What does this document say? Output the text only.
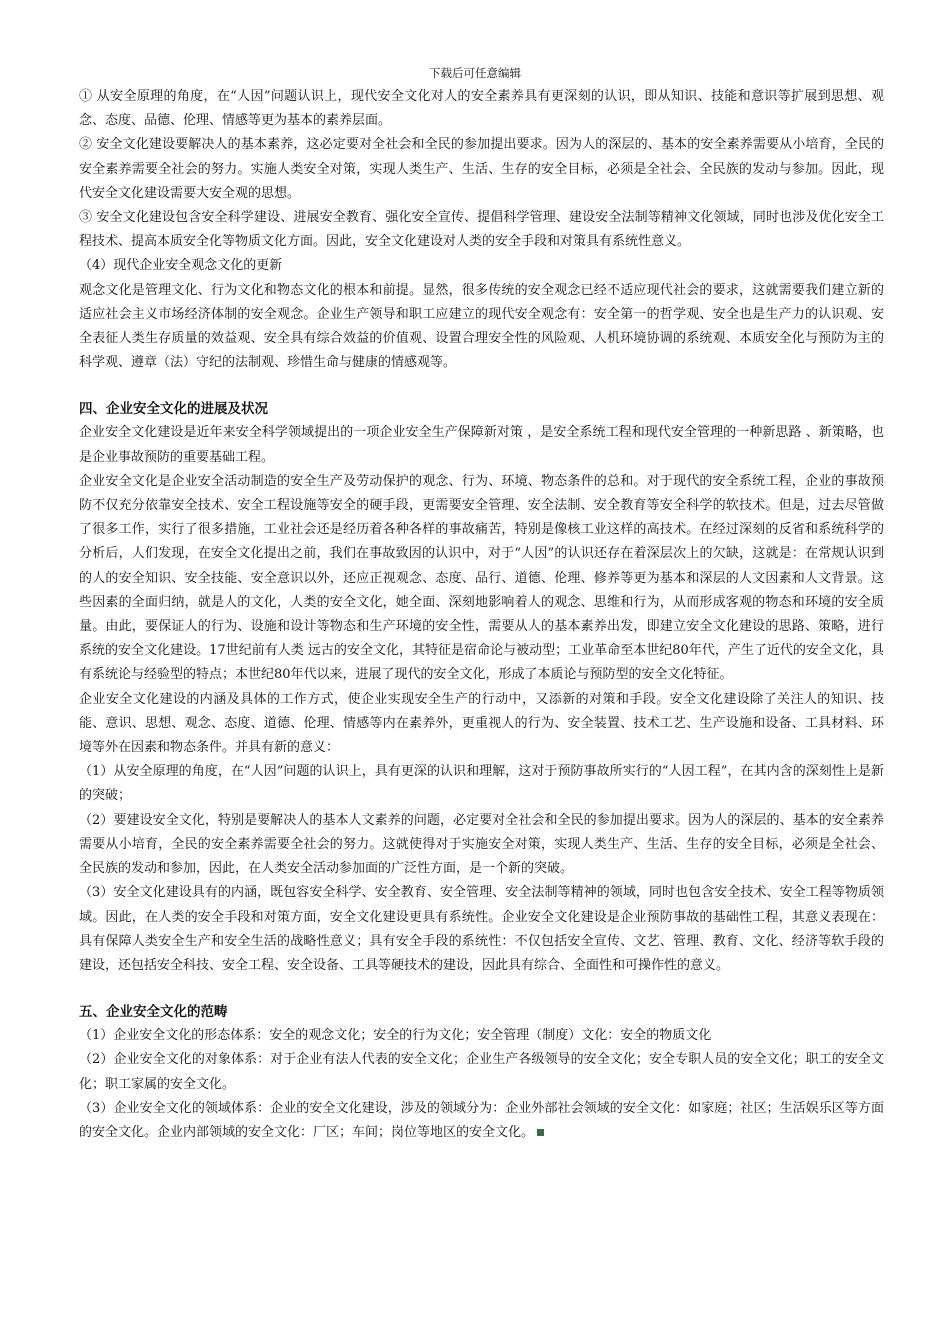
下载后可任意编辑

① 从安全原理的角度，在“人因”问题认识上，现代安全文化对人的安全素养具有更深刻的认识，即从知识、技能和意识等扩展到思想、观念、态度、品德、伦理、情感等更为基本的素养层面。

② 安全文化建设要解决人的基本素养，这必定要对全社会和全民的参加提出要求。因为人的深层的、基本的安全素养需要从小培育，全民的安全素养需要全社会的努力。实施人类安全对策，实现人类生产、生活、生存的安全目标，必须是全社会、全民族的发动与参加。因此，现代安全文化建设需要大安全观的思想。

③ 安全文化建设包含安全科学建设、进展安全教育、强化安全宣传、提倡科学管理、建设安全法制等精神文化领域，同时也涉及优化安全工程技术、提高本质安全化等物质文化方面。因此，安全文化建设对人类的安全手段和对策具有系统性意义。

（4）现代企业安全观念文化的更新

观念文化是管理文化、行为文化和物态文化的根本和前提。显然，很多传统的安全观念已经不适应现代社会的要求，这就需要我们建立新的适应社会主义市场经济体制的安全观念。企业生产领导和职工应建立的现代安全观念有：安全第一的哲学观、安全也是生产力的认识观、安全表征人类生存质量的效益观、安全具有综合效益的价值观、设置合理安全性的风险观、人机环境协调的系统观、本质安全化与预防为主的科学观、遵章（法）守纪的法制观、珍惜生命与健康的情感观等。

四、企业安全文化的进展及状况

企业安全文化建设是近年来安全科学领域提出的一项企业安全生产保障新对策 ，是安全系统工程和现代安全管理的一种新思路 、新策略，也是企业事故预防的重要基础工程。

企业安全文化是企业安全活动制造的安全生产及劳动保护的观念、行为、环境、物态条件的总和。对于现代的安全系统工程，企业的事故预防不仅充分依靠安全技术、安全工程设施等安全的硬手段，更需要安全管理、安全法制、安全教育等安全科学的软技术。但是，过去尽管做了很多工作，实行了很多措施，工业社会还是经历着各种各样的事故痛苦，特别是像核工业这样的高技术。在经过深刻的反省和系统科学的分析后，人们发现，在安全文化提出之前，我们在事故致因的认识中，对于“人因”的认识还存在着深层次上的欠缺，这就是：在常规认识到的人的安全知识、安全技能、安全意识以外，还应正视观念、态度、品行、道德、伦理、修养等更为基本和深层的人文因素和人文背景。这些因素的全面归纳，就是人的文化，人类的安全文化，她全面、深刻地影响着人的观念、思维和行为，从而形成客观的物态和环境的安全质量。由此，要保证人的行为、设施和设计等物态和生产环境的安全性，需要从人的基本素养出发，即建立安全文化建设的思路、策略，进行系统的安全文化建设。17世纪前有人类 远古的安全文化，其特征是宿命论与被动型；工业革命至本世纪80年代，产生了近代的安全文化，具有系统论与经验型的特点；本世纪80年代以来，进展了现代的安全文化，形成了本质论与预防型的安全文化特征。

企业安全文化建设的内涵及具体的工作方式，使企业实现安全生产的行动中，又添新的对策和手段。安全文化建设除了关注人的知识、技能、意识、思想、观念、态度、道德、伦理、情感等内在素养外，更重视人的行为、安全装置、技术工艺、生产设施和设备、工具材料、环境等外在因素和物态条件。并具有新的意义：

（1）从安全原理的角度，在“人因”问题的认识上，具有更深的认识和理解，这对于预防事故所实行的“人因工程”，在其内含的深刻性上是新的突破；

（2）要建设安全文化，特别是要解决人的基本人文素养的问题，必定要对全社会和全民的参加提出要求。因为人的深层的、基本的安全素养需要从小培育，全民的安全素养需要全社会的努力。这就使得对于实施安全对策，实现人类生产、生活、生存的安全目标，必须是全社会、全民族的发动和参加，因此，在人类安全活动参加面的广泛性方面，是一个新的突破。

（3）安全文化建设具有的内涵，既包容安全科学、安全教育、安全管理、安全法制等精神的领域，同时也包含安全技术、安全工程等物质领域。因此，在人类的安全手段和对策方面，安全文化建设更具有系统性。企业安全文化建设是企业预防事故的基础性工程，其意义表现在：具有保障人类安全生产和安全生活的战略性意义；具有安全手段的系统性：不仅包括安全宣传、文艺、管理、教育、文化、经济等软手段的建设，还包括安全科技、安全工程、安全设备、工具等硬技术的建设，因此具有综合、全面性和可操作性的意义。

五、企业安全文化的范畴

（1）企业安全文化的形态体系：安全的观念文化；安全的行为文化；安全管理（制度）文化：安全的物质文化

（2）企业安全文化的对象体系：对于企业有法人代表的安全文化；企业生产各级领导的安全文化；安全专职人员的安全文化；职工的安全文化；职工家属的安全文化。

（3）企业安全文化的领域体系：企业的安全文化建设，涉及的领域分为：企业外部社会领域的安全文化：如家庭；社区；生活娱乐区等方面的安全文化。企业内部领域的安全文化：厂区；车间；岗位等地区的安全文化。
